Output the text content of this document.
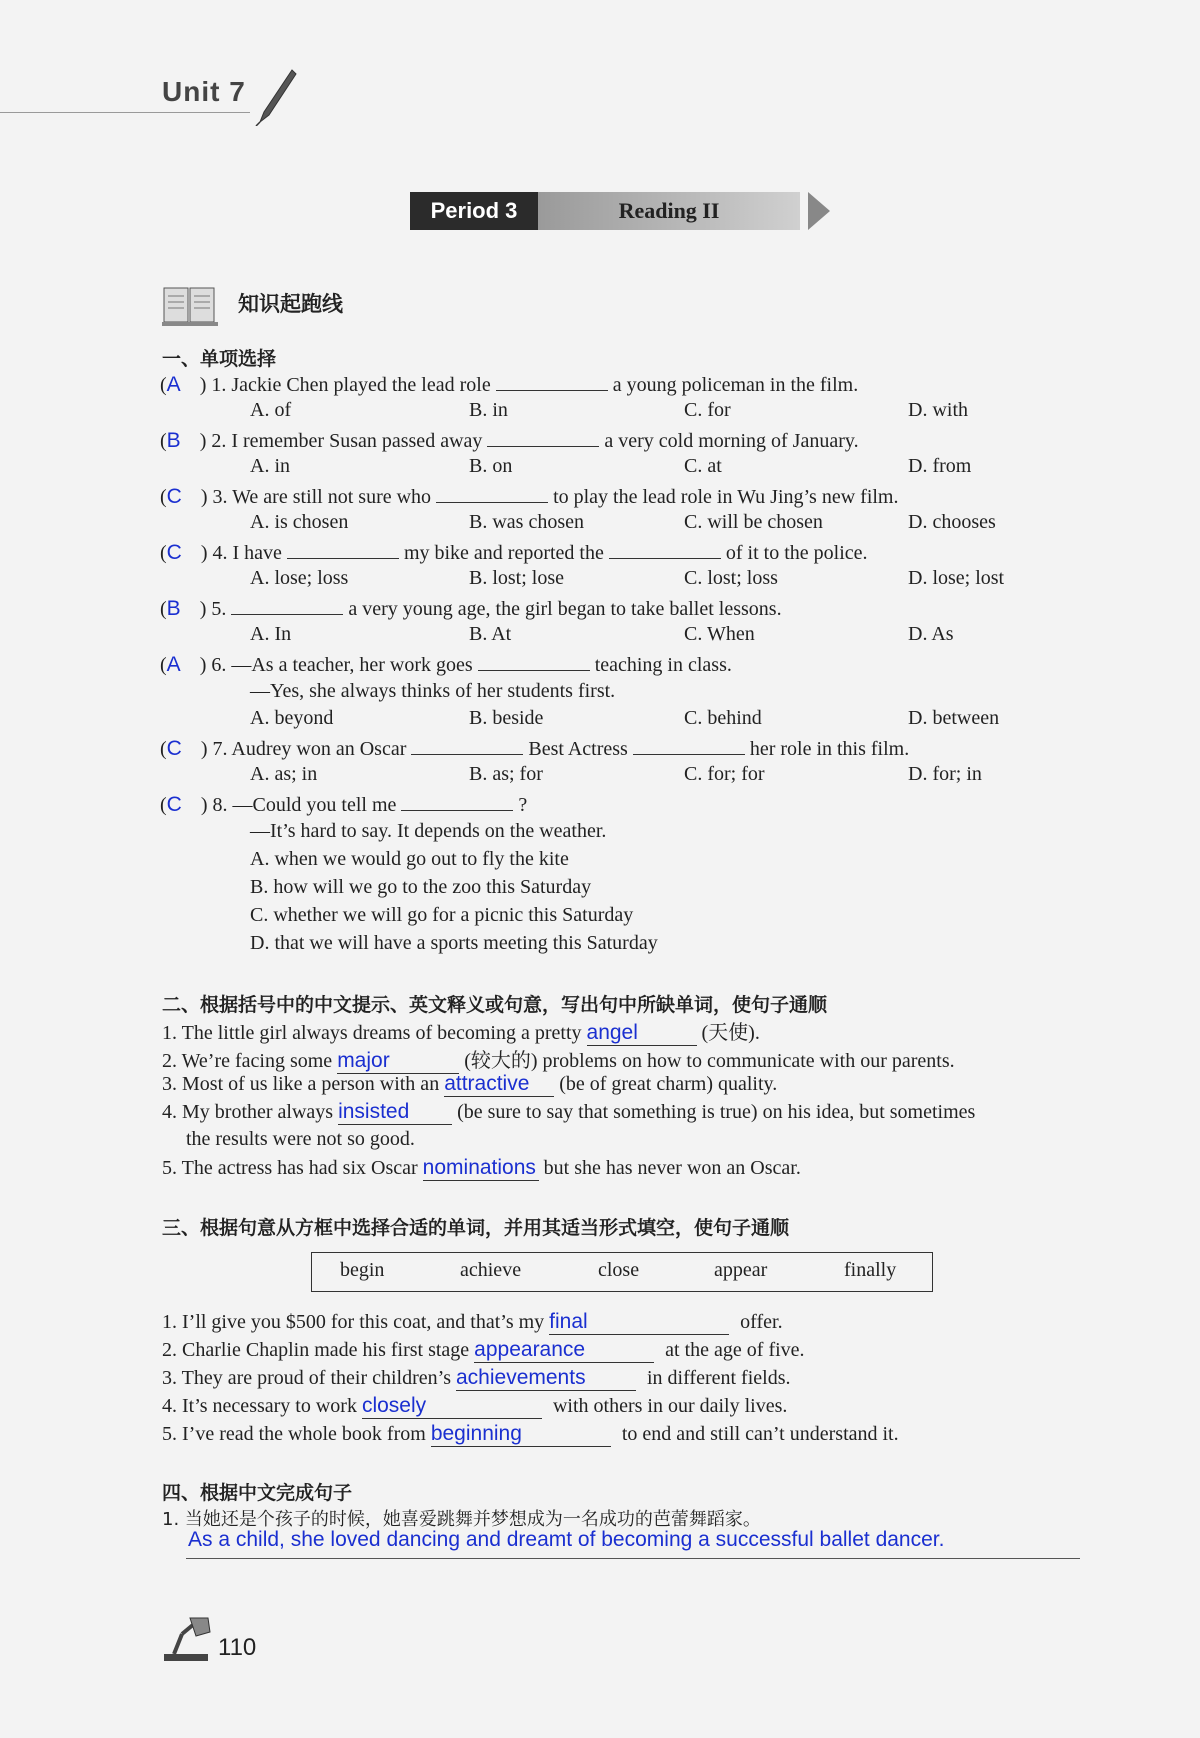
Unit 7
Period 3	Reading II
知识起跑线
一、单项选择
(A ) 1. Jackie Chen played the lead role	a young policeman in the film.
A. of	B. in	C. for	D. with
(B ) 2. I remember Susan passed away	a very cold morning of January.
A. in	B. on	C. at	D. from
(C ) 3. We are still not sure who	to play the lead role in Wu Jing’s new film.
A. is chosen	B. was chosen	C. will be chosen	D. chooses
(C ) 4. I have	my bike and reported the	of it to the police.
A. lose; loss	B. lost; lose	C. lost; loss	D. lose; lost
(B ) 5.	a very young age, the girl began to take ballet lessons.
A. In	B. At	C. When	D. As
(A ) 6. —As a teacher, her work goes	teaching in class.
—Yes, she always thinks of her students first.
A. beyond	B. beside	C. behind	D. between
(C ) 7. Audrey won an Oscar	Best Actress	her role in this film.
A. as; in	B. as; for	C. for; for	D. for; in
(C ) 8. —Could you tell me	?
—It’s hard to say. It depends on the weather.
A. when we would go out to fly the kite
B. how will we go to the zoo this Saturday
C. whether we will go for a picnic this Saturday
D. that we will have a sports meeting this Saturday
二、根据括号中的中文提示、英文释义或句意，写出句中所缺单词，使句子通顺
1. The little girl always dreams of becoming a pretty angel	(天使).
2. We’re facing some major	(较大的) problems on how to communicate with our parents.
3. Most of us like a person with an attractive (be of great charm) quality.
4. My brother always insisted (be sure to say that something is true) on his idea, but sometimes
the results were not so good.
5. The actress has had six Oscar nominations but she has never won an Oscar.
三、根据句意从方框中选择合适的单词，并用其适当形式填空，使句子通顺
begin	achieve	close	appear	finally
1. I’ll give you $500 for this coat, and that’s my final	offer.
2. Charlie Chaplin made his first stage appearance	at the age of five.
3. They are proud of their children’s achievements	in different fields.
4. It’s necessary to work closely	with others in our daily lives.
5. I’ve read the whole book from beginning	to end and still can’t understand it.
四、根据中文完成句子
1. 当她还是个孩子的时候，她喜爱跳舞并梦想成为一名成功的芭蕾舞蹈家。
As a child, she loved dancing and dreamt of becoming a successful ballet dancer.
110
